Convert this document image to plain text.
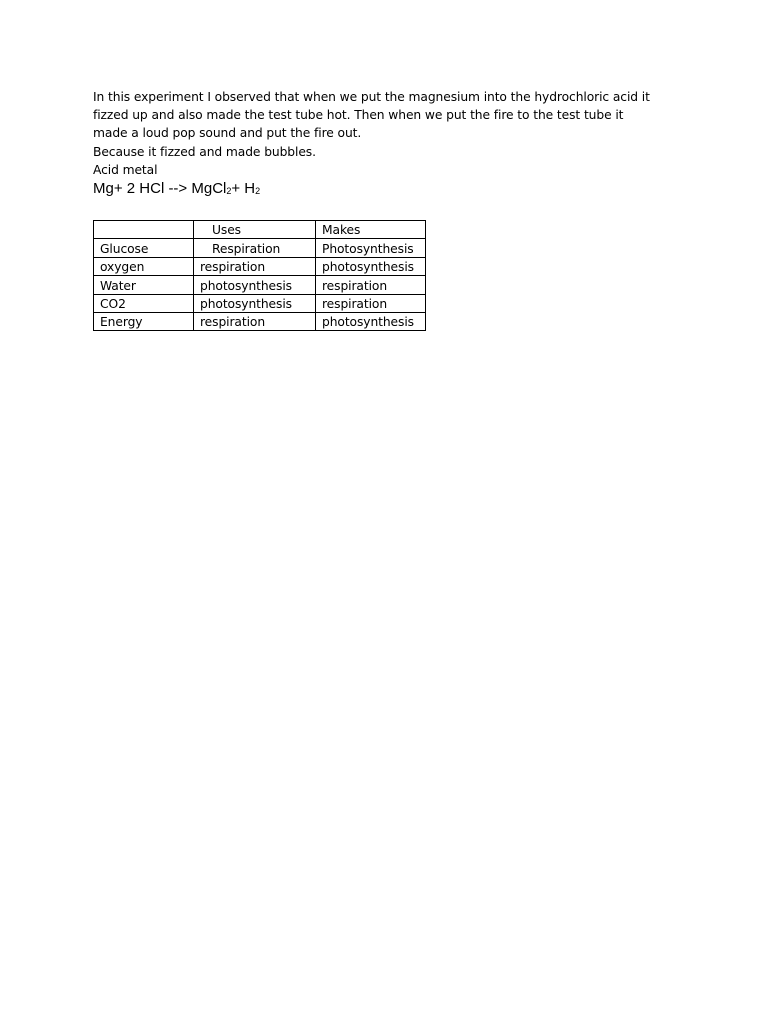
In this experiment I observed that when we put the magnesium into the hydrochloric acid it

fizzed up and also made the test tube hot. Then when we put the fire to the test tube it

made a loud pop sound and put the fire out.

Because it fizzed and made bubbles.

Acid metal

Mg+ 2 HCl --> MgCl$_2$+ $H_2$

	Uses	Makes
Glucose	Respiration	Photosynthesis
oxygen	respiration	photosynthesis
Water	photosynthesis	respiration
CO2	photosynthesis	respiration
Energy	respiration	photosynthesis
